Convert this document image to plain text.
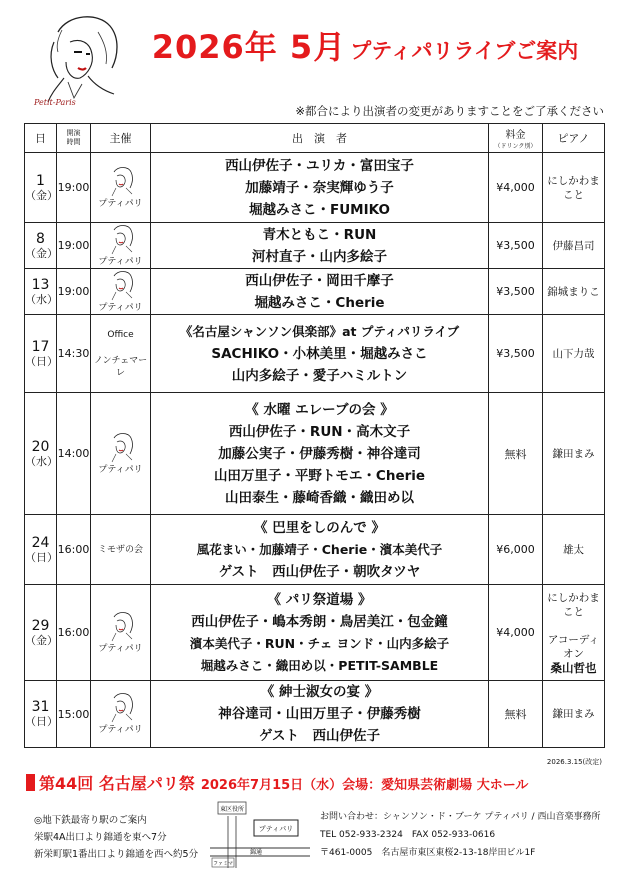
Petit-Paris
2026年 5月 プティパリライブご案内
※都合により出演者の変更がありますことをご了承ください
日	開演
時間	主催	出　演　者	料金
（ドリンク別）	ピアノ

1
（金）	19:00	プティパリ	西山伊佐子・ユリカ・富田宝子
加藤靖子・奈実輝ゆう子
堀越みさこ・FUMIKO	¥4,000	にしかわまこと

8
（金）	19:00	プティパリ	青木ともこ・RUN
河村直子・山内多絵子	¥3,500	伊藤昌司

13
（水）	19:00	プティパリ	西山伊佐子・岡田千摩子
堀越みさこ・Cherie	¥3,500	錦城まりこ

17
（日）	14:30	Office
ノンチェマーレ	《名古屋シャンソン倶楽部》at プティパリライブ
SACHIKO・小林美里・堀越みさこ
山内多絵子・愛子ハミルトン	¥3,500	山下力哉

20
（水）	14:00	プティパリ	《 水曜 エレーブの会 》
西山伊佐子・RUN・高木文子
加藤公実子・伊藤秀樹・神谷達司
山田万里子・平野トモエ・Cherie
山田泰生・藤崎香織・織田め以	無料	鎌田まみ

24
（日）	16:00	ミモザの会	《 巴里をしのんで 》
風花まい・加藤靖子・Cherie・濱本美代子
ゲスト　西山伊佐子・朝吹タツヤ	¥6,000	雄太

29
（金）	16:00	プティパリ	《 パリ祭道場 》
西山伊佐子・嶋本秀朗・鳥居美江・包金鐘
濱本美代子・RUN・チェ ヨンド・山内多絵子
堀越みさこ・織田め以・PETIT-SAMBLE	¥4,000	にしかわまこと
アコーディオン
桑山哲也

31
（日）	15:00	プティパリ	《 紳士淑女の宴 》
神谷達司・山田万里子・伊藤秀樹
ゲスト　西山伊佐子	無料	鎌田まみ
2026.3.15(改定)
第44回 名古屋パリ祭 2026年7月15日（水）会場：愛知県芸術劇場 大ホール
◎地下鉄最寄り駅のご案内
栄駅4A出口より錦通を東へ7分
新栄町駅1番出口より錦通を西へ約5分
東区役所
錦通
プティパリ
ファミマ
お問い合わせ：シャンソン・ド・ブーケ プティパリ / 西山音楽事務所
TEL 052-933-2324　FAX 052-933-0616
〒461-0005　名古屋市東区東桜2-13-18岸田ビル1F
